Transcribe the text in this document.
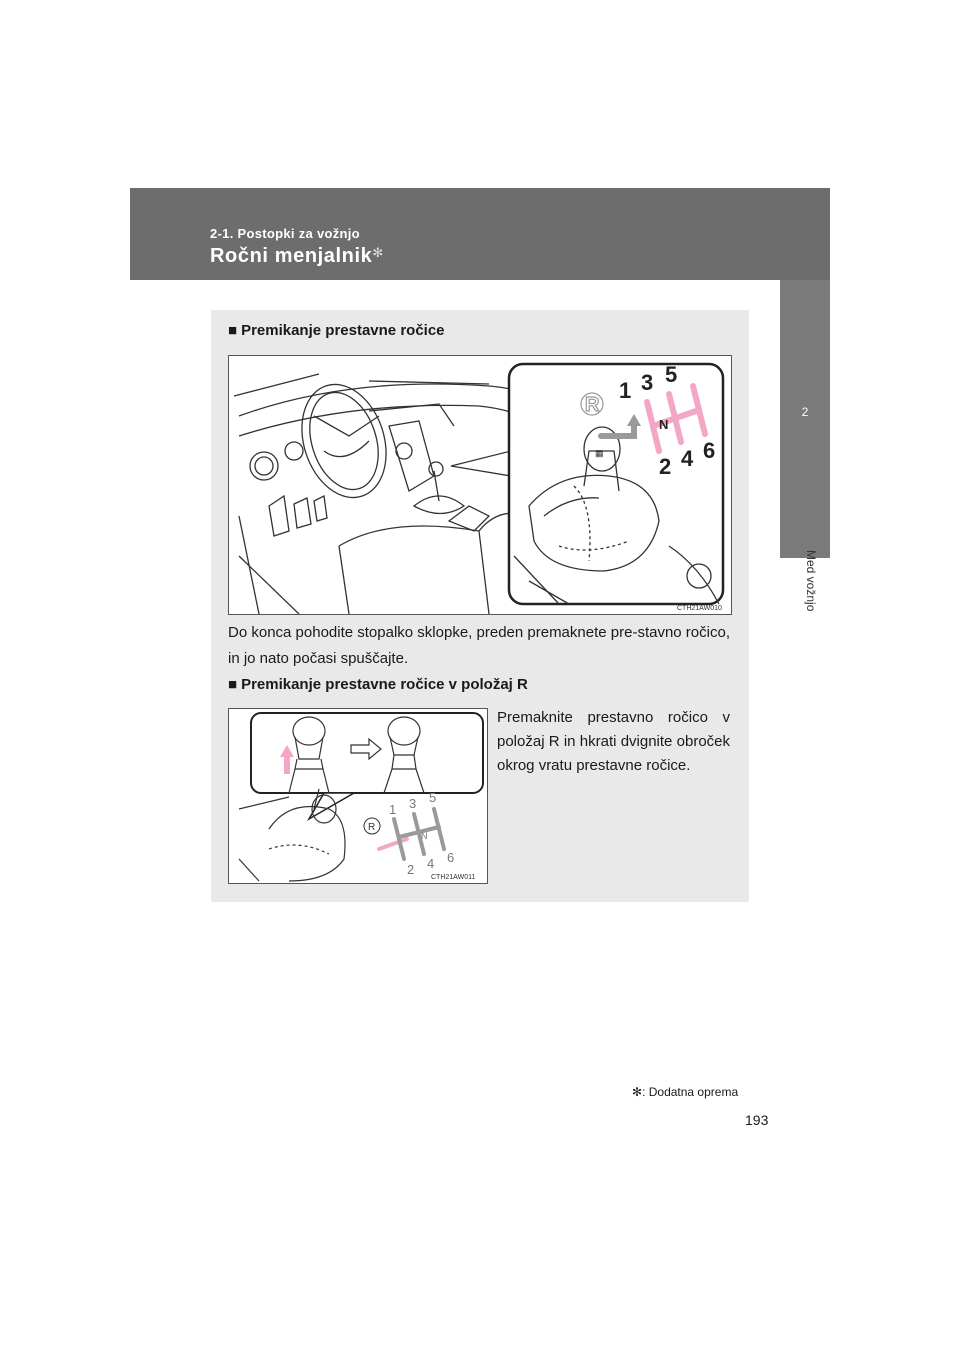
2-1. Postopki za vožnjo
Ročni menjalnik✻
2
Med vožnjo
■ Premikanje prestavne ročice
▦
R
1 3 5
N
2 4 6
CTH21AW010
Do konca pohodite stopalko sklopke, preden premaknete pre-stavno ročico, in jo nato počasi spuščajte.
■ Premikanje prestavne ročice v položaj R
R
1 3 5
N
2 4 6
CTH21AW011
Premaknite prestavno ročico v položaj R in hkrati dvignite obroček okrog vratu prestavne ročice.
✻: Dodatna oprema
193
